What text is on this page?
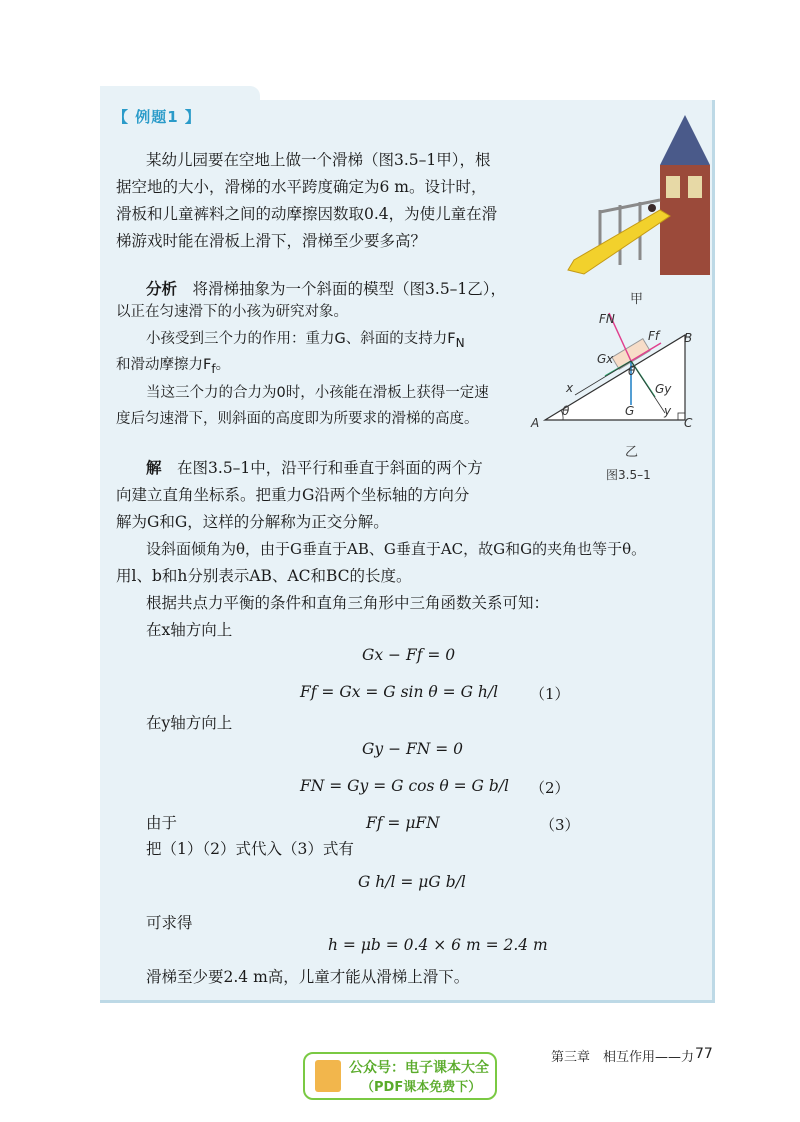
【 例题1 】

某幼儿园要在空地上做一个滑梯（图3.5–1甲），根

据空地的大小，滑梯的水平跨度确定为6 m。设计时，

滑板和儿童裤料之间的动摩擦因数取0.4，为使儿童在滑

梯游戏时能在滑板上滑下，滑梯至少要多高？

甲

分析　 将滑梯抽象为一个斜面的模型（图3.5–1乙），

以正在匀速滑下的小孩为研究对象。

小孩受到三个力的作用：重力G、斜面的支持力$F_N$

和滑动摩擦力$F_f$。

当这三个力的合力为0时，小孩能在滑板上获得一定速

度后匀速滑下，则斜面的高度即为所要求的滑梯的高度。

FN
Ff B
Gx
θ
Gy
x
θ	G y
A	C
乙
图3.5–1

解　 在图3.5–1中，沿平行和垂直于斜面的两个方

向建立直角坐标系。把重力G沿两个坐标轴的方向分

解为G和G，这样的分解称为正交分解。

设斜面倾角为θ，由于G垂直于AB、G垂直于AC，故G和G的夹角也等于θ。

用l、b和h分别表示AB、AC和BC的长度。

根据共点力平衡的条件和直角三角形中三角函数关系可知：

在x轴方向上

Gx − Ff = 0
Ff = Gx = G sin θ = G h/l （1）

在y轴方向上

Gy − FN = 0
FN = Gy = G cos θ = G b/l （2）

由于	Ff = μFN	（3）

把（1）（2）式代入（3）式有

G h/l = μG b/l

可求得

h = μb = 0.4 × 6 m = 2.4 m

滑梯至少要2.4 m高，儿童才能从滑梯上滑下。

第三章　相互作用——力 77
公众号：电子课本大全
（PDF课本免费下）
